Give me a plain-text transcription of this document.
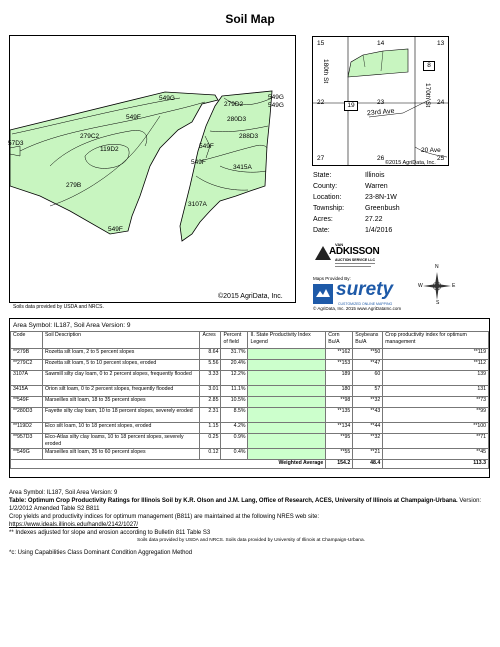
Soil Map
549G
279D2
549G
549G
549F	280D3
279C2
57D3
119D2
288D3
549F
3415A
549F
279B
3107A
549F
©2015 AgriData, Inc.
Soils data provided by USDA and NRCS.
15	14	13
22	23	24
27	26	25
19
8
180th St
23rd Ave
170th St
20 Ave
©2015 AgriData, Inc.
State:	Illinois
County:	Warren
Location:	23-8N-1W
Township:	Greenbush
Acres:	27.22
Date:	1/4/2016
VAN
ADKISSON
AUCTION SERVICE LLC
Maps Provided By:
surety
CUSTOMIZED ONLINE MAPPING
© AgriData, Inc. 2015 www.AgriDataInc.com
N
S
E
W
Area Symbol: IL187, Soil Area Version: 9
Code	Soil Description	Acres	Percent of field	II. State Productivity Index Legend	Corn Bu/A	Soybeans Bu/A	Crop productivity index for optimum management
**279B	Rozetta silt loam, 2 to 5 percent slopes	8.64	31.7%		**162	**50	**119
**279C2	Rozetta silt loam, 5 to 10 percent slopes, eroded	5.56	20.4%		**153	**47	**112
3107A	Sawmill silty clay loam, 0 to 2 percent slopes, frequently flooded	3.33	12.2%		189	60	139
3415A	Orion silt loam, 0 to 2 percent slopes, frequently flooded	3.01	11.1%		180	57	131
**549F	Marseilles silt loam, 18 to 35 percent slopes	2.85	10.5%		**98	**32	**73
**280D3	Fayette silty clay loam, 10 to 18 percent slopes, severely eroded	2.31	8.5%		**135	**43	**99
**119D2	Elco silt loam, 10 to 18 percent slopes, eroded	1.15	4.2%		**134	**44	**100
**957D3	Elco-Atlas silty clay loams, 10 to 18 percent slopes, severely eroded	0.25	0.9%		**95	**32	**71
**549G	Marseilles silt loam, 35 to 60 percent slopes	0.12	0.4%		**55	**21	**45
Weighted Average					154.2	48.4	113.3
Area Symbol: IL187, Soil Area Version: 9
Table: Optimum Crop Productivity Ratings for Illinois Soil by K.R. Olson and J.M. Lang, Office of Research, ACES, University of Illinois at Champaign-Urbana. Version: 1/2/2012 Amended Table S2 B811
Crop yields and productivity indices for optimum management (B811) are maintained at the following NRES web site:
https://www.ideals.illinois.edu/handle/2142/1027/
** Indexes adjusted for slope and erosion according to Bulletin 811 Table S3
Soils data provided by USDA and NRCS. Soils data provided by University of Illinois at Champaign-Urbana.
*c: Using Capabilities Class Dominant Condition Aggregation Method
